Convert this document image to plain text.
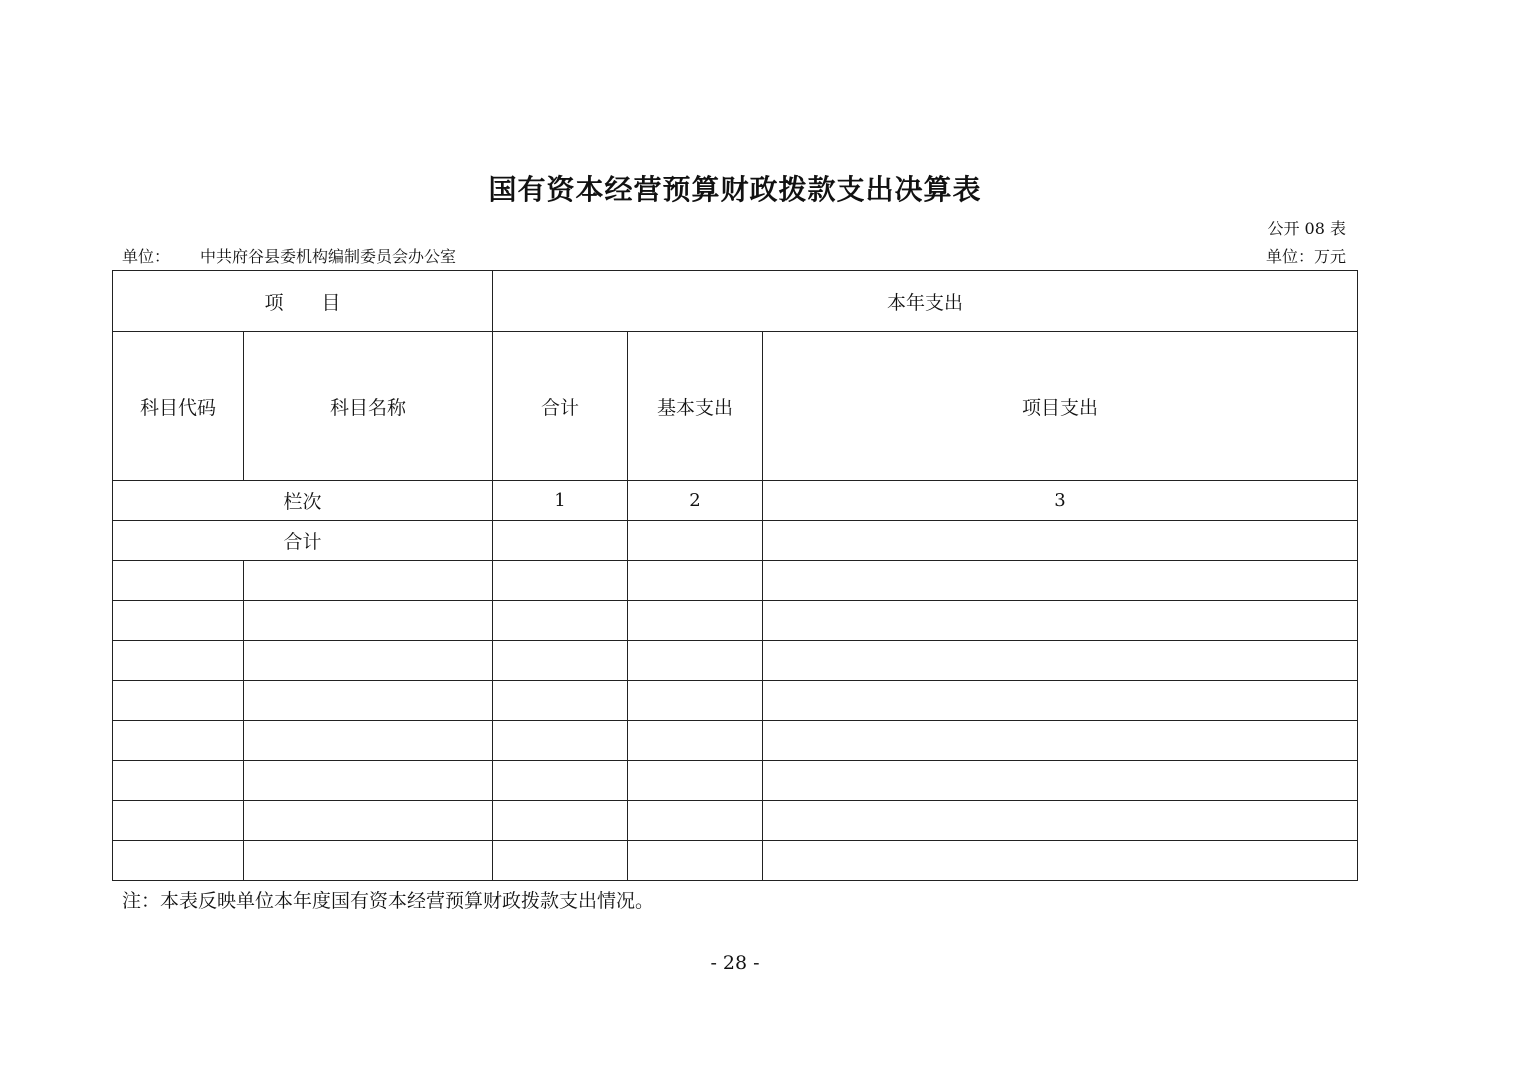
国有资本经营预算财政拨款支出决算表
公开 08 表
单位： 中共府谷县委机构编制委员会办公室	单位：万元
项　　目		本年支出		
科目代码	科目名称	合计	基本支出	项目支出
栏次		1	2	3
合计				

注：本表反映单位本年度国有资本经营预算财政拨款支出情况。
- 28 -
